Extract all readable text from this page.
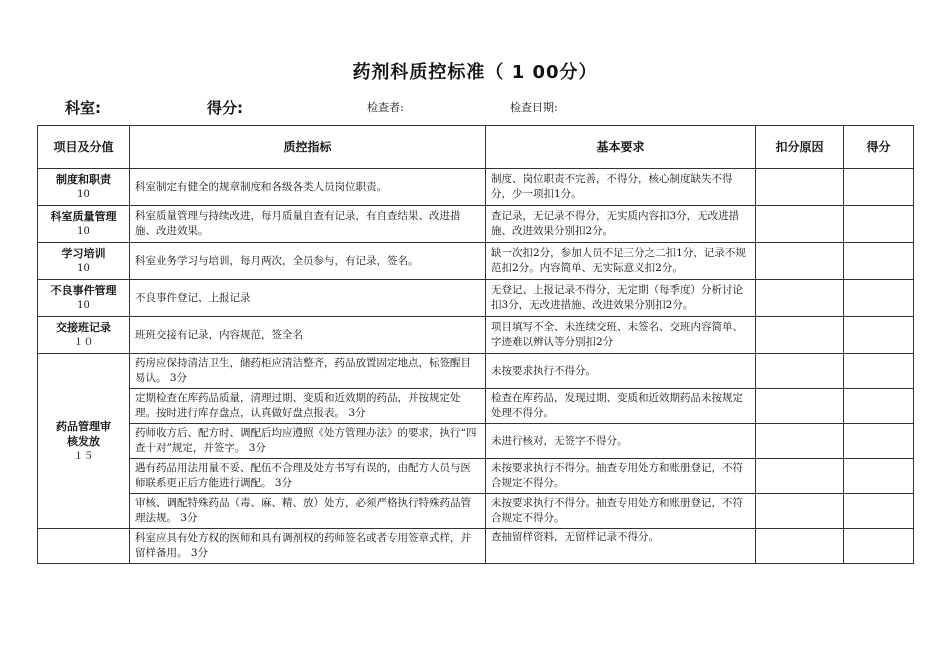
药剂科质控标准（ 1 00分）
科室:	得分:	检查者:	检查日期:
项目及分值	质控指标	基本要求	扣分原因	得分

制度和职责
10	科室制定有健全的规章制度和各级各类人员岗位职责。	制度、岗位职责不完善，不得分，核心制度缺失不得分，少一项扣1分。		

科室质量管理
10	科室质量管理与持续改进，每月质量自查有记录，有自查结果、改进措施、改进效果。	查记录，无记录不得分，无实质内容扣3分，无改进措施、改进效果分别扣2分。		

学习培训
10	科室业务学习与培训，每月两次，全员参与，有记录，签名。	缺一次扣2分，参加人员不足三分之二扣1分，记录不规范扣2分。内容简单、无实际意义扣2分。		

不良事件管理
10	不良事件登记、上报记录	无登记、上报记录不得分，无定期（每季度）分析讨论扣3分，无改进措施、改进效果分别扣2分。		

交接班记录
１０	班班交接有记录，内容规范，签全名	项目填写不全、未连续交班、未签名、交班内容简单、字迹难以辨认等分别扣2分		

药品管理审核发放
１５	药房应保持清洁卫生，储药柜应清洁整齐，药品放置固定地点，标签醒目易认。 3分	未按要求执行不得分。		
	定期检查在库药品质量，清理过期、变质和近效期的药品，并按规定处理。按时进行库存盘点，认真做好盘点报表。 3分	检查在库药品，发现过期、变质和近效期药品未按规定处理不得分。		
	药师收方后、配方时、调配后均应遵照《处方管理办法》的要求，执行“四查十对”规定，并签字。 3分	未进行核对，无签字不得分。		
	遇有药品用法用量不妥、配伍不合理及处方书写有误的，由配方人员与医师联系更正后方能进行调配。 3分	未按要求执行不得分。抽查专用处方和账册登记，不符合规定不得分。		
	审核、调配特殊药品（毒、麻、精、放）处方，必须严格执行特殊药品管理法规。 3分	未按要求执行不得分。抽查专用处方和账册登记，不符合规定不得分。		
	科室应具有处方权的医师和具有调剂权的药师签名或者专用签章式样，并留样备用。 3分	查抽留样资料，无留样记录不得分。		
